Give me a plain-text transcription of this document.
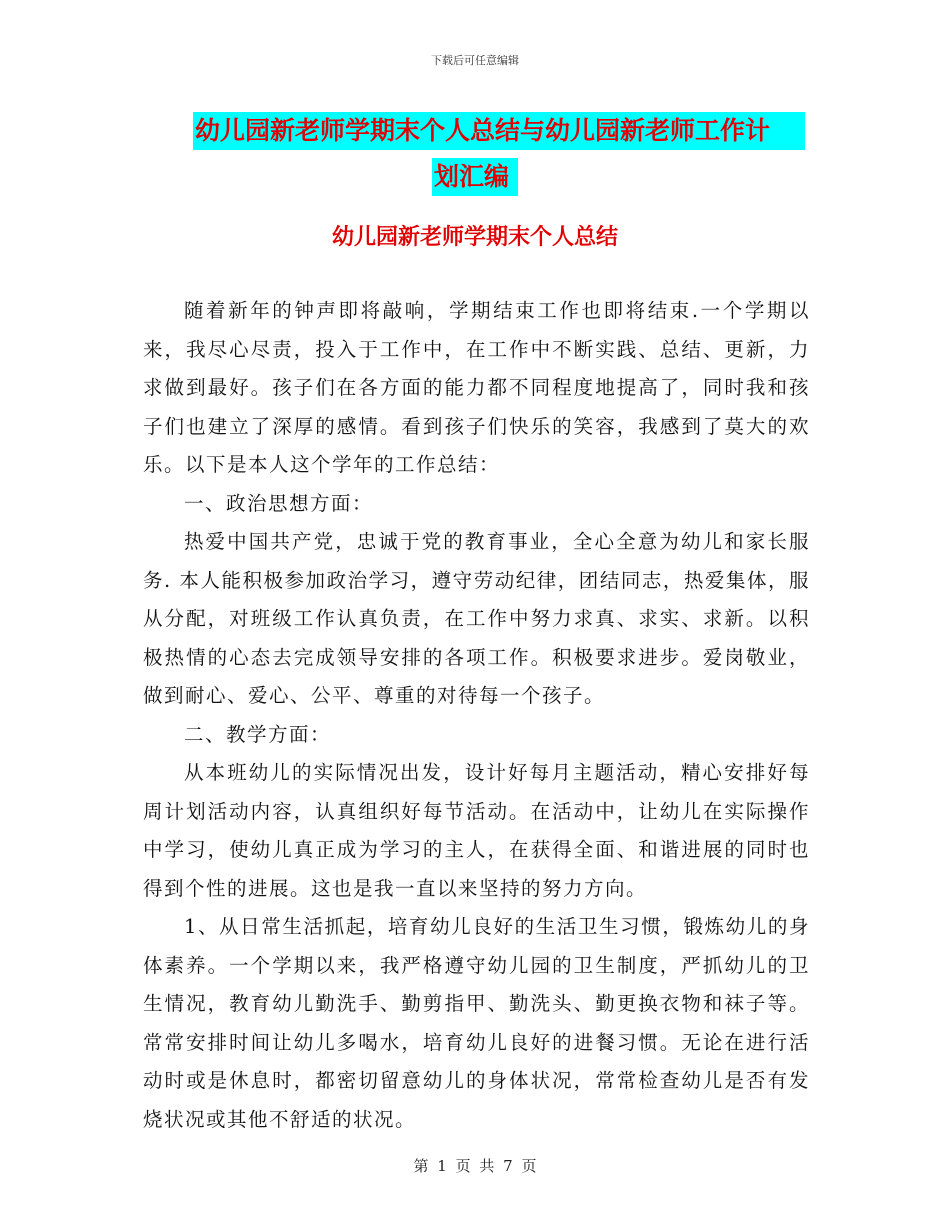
下载后可任意编辑
幼儿园新老师学期末个人总结与幼儿园新老师工作计
划汇编
幼儿园新老师学期末个人总结

随着新年的钟声即将敲响，学期结束工作也即将结束.一个学期以来，我尽心尽责，投入于工作中，在工作中不断实践、总结、更新，力求做到最好。孩子们在各方面的能力都不同程度地提高了，同时我和孩子们也建立了深厚的感情。看到孩子们快乐的笑容，我感到了莫大的欢乐。以下是本人这个学年的工作总结：

一、政治思想方面：

热爱中国共产党，忠诚于党的教育事业，全心全意为幼儿和家长服务. 本人能积极参加政治学习，遵守劳动纪律，团结同志，热爱集体，服从分配，对班级工作认真负责，在工作中努力求真、求实、求新。以积极热情的心态去完成领导安排的各项工作。积极要求进步。爱岗敬业，做到耐心、爱心、公平、尊重的对待每一个孩子。

二、教学方面：

从本班幼儿的实际情况出发，设计好每月主题活动，精心安排好每周计划活动内容，认真组织好每节活动。在活动中，让幼儿在实际操作中学习，使幼儿真正成为学习的主人，在获得全面、和谐进展的同时也得到个性的进展。这也是我一直以来坚持的努力方向。

1、从日常生活抓起，培育幼儿良好的生活卫生习惯，锻炼幼儿的身体素养。一个学期以来，我严格遵守幼儿园的卫生制度，严抓幼儿的卫生情况，教育幼儿勤洗手、勤剪指甲、勤洗头、勤更换衣物和袜子等。常常安排时间让幼儿多喝水，培育幼儿良好的进餐习惯。无论在进行活动时或是休息时，都密切留意幼儿的身体状况，常常检查幼儿是否有发烧状况或其他不舒适的状况。

第 1 页 共 7 页
